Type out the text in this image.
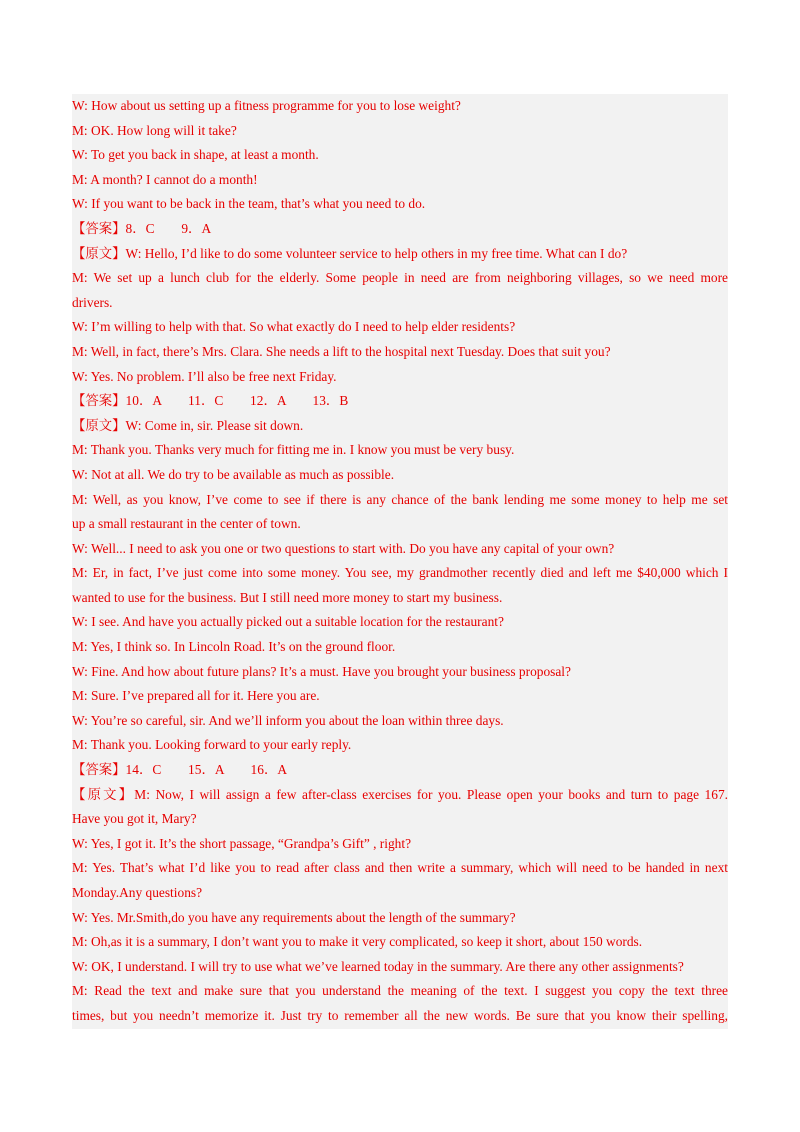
W: How about us setting up a fitness programme for you to lose weight?
M: OK. How long will it take?
W: To get you back in shape, at least a month.
M: A month? I cannot do a month!
W: If you want to be back in the team, that’s what you need to do.
【答案】8．C　　9．A
【原文】W: Hello, I’d like to do some volunteer service to help others in my free time. What can I do?
M: We set up a lunch club for the elderly. Some people in need are from neighboring villages, so we need more
drivers.
W: I’m willing to help with that. So what exactly do I need to help elder residents?
M: Well, in fact, there’s Mrs. Clara. She needs a lift to the hospital next Tuesday. Does that suit you?
W: Yes. No problem. I’ll also be free next Friday.
【答案】10．A　　11．C　　12．A　　13．B
【原文】W: Come in, sir. Please sit down.
M: Thank you. Thanks very much for fitting me in. I know you must be very busy.
W: Not at all. We do try to be available as much as possible.
M: Well, as you know, I’ve come to see if there is any chance of the bank lending me some money to help me set
up a small restaurant in the center of town.
W: Well... I need to ask you one or two questions to start with. Do you have any capital of your own?
M: Er, in fact, I’ve just come into some money. You see, my grandmother recently died and left me $40,000 which I
wanted to use for the business. But I still need more money to start my business.
W: I see. And have you actually picked out a suitable location for the restaurant?
M: Yes, I think so. In Lincoln Road. It’s on the ground floor.
W: Fine. And how about future plans? It’s a must. Have you brought your business proposal?
M: Sure. I’ve prepared all for it. Here you are.
W: You’re so careful, sir. And we’ll inform you about the loan within three days.
M: Thank you. Looking forward to your early reply.
【答案】14．C　　15．A　　16．A
【原文】M: Now, I will assign a few after-class exercises for you. Please open your books and turn to page 167.
Have you got it, Mary?
W: Yes, I got it. It’s the short passage, “Grandpa’s Gift” , right?
M: Yes. That’s what I’d like you to read after class and then write a summary, which will need to be handed in next
Monday.Any questions?
W: Yes. Mr.Smith,do you have any requirements about the length of the summary?
M: Oh,as it is a summary, I don’t want you to make it very complicated, so keep it short, about 150 words.
W: OK, I understand. I will try to use what we’ve learned today in the summary. Are there any other assignments?
M: Read the text and make sure that you understand the meaning of the text. I suggest you copy the text three
times, but you needn’t memorize it. Just try to remember all the new words. Be sure that you know their spelling,
